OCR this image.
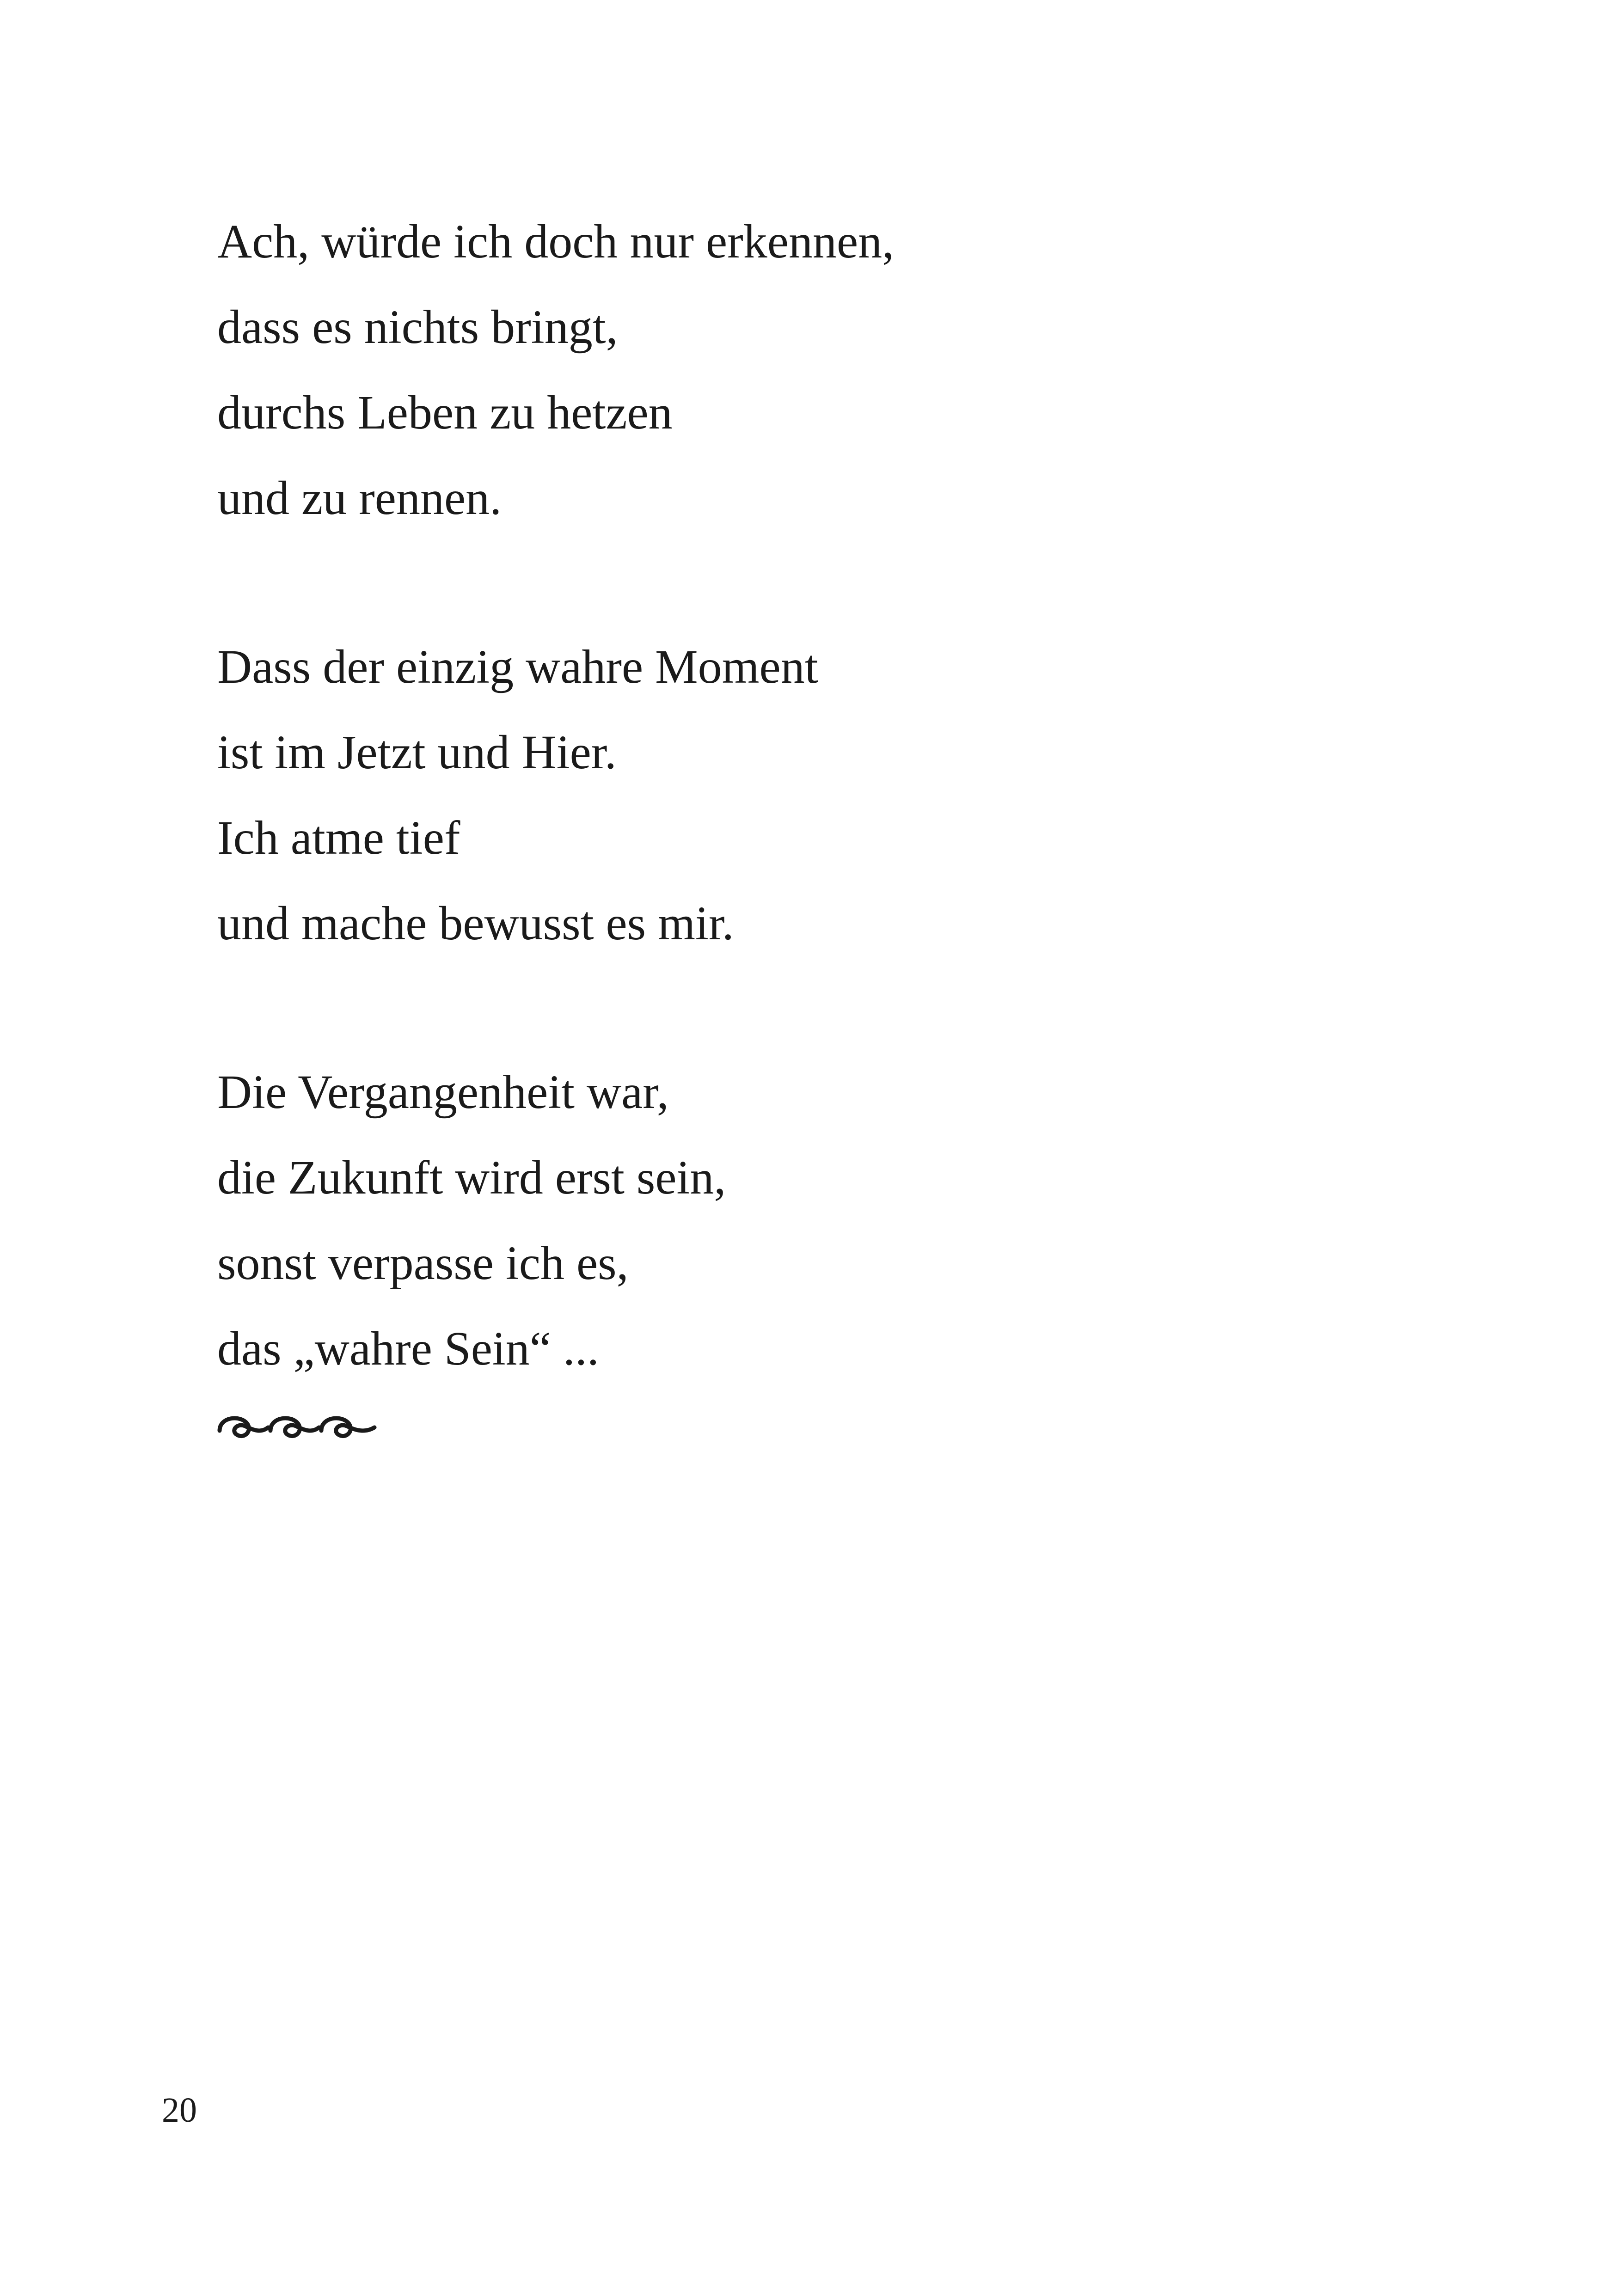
Ach, würde ich doch nur erkennen,
dass es nichts bringt,
durchs Leben zu hetzen
und zu rennen.
Dass der einzig wahre Moment
ist im Jetzt und Hier.
Ich atme tief
und mache bewusst es mir.
Die Vergangenheit war,
die Zukunft wird erst sein,
sonst verpasse ich es,
das „wahre Sein“ ...
20
